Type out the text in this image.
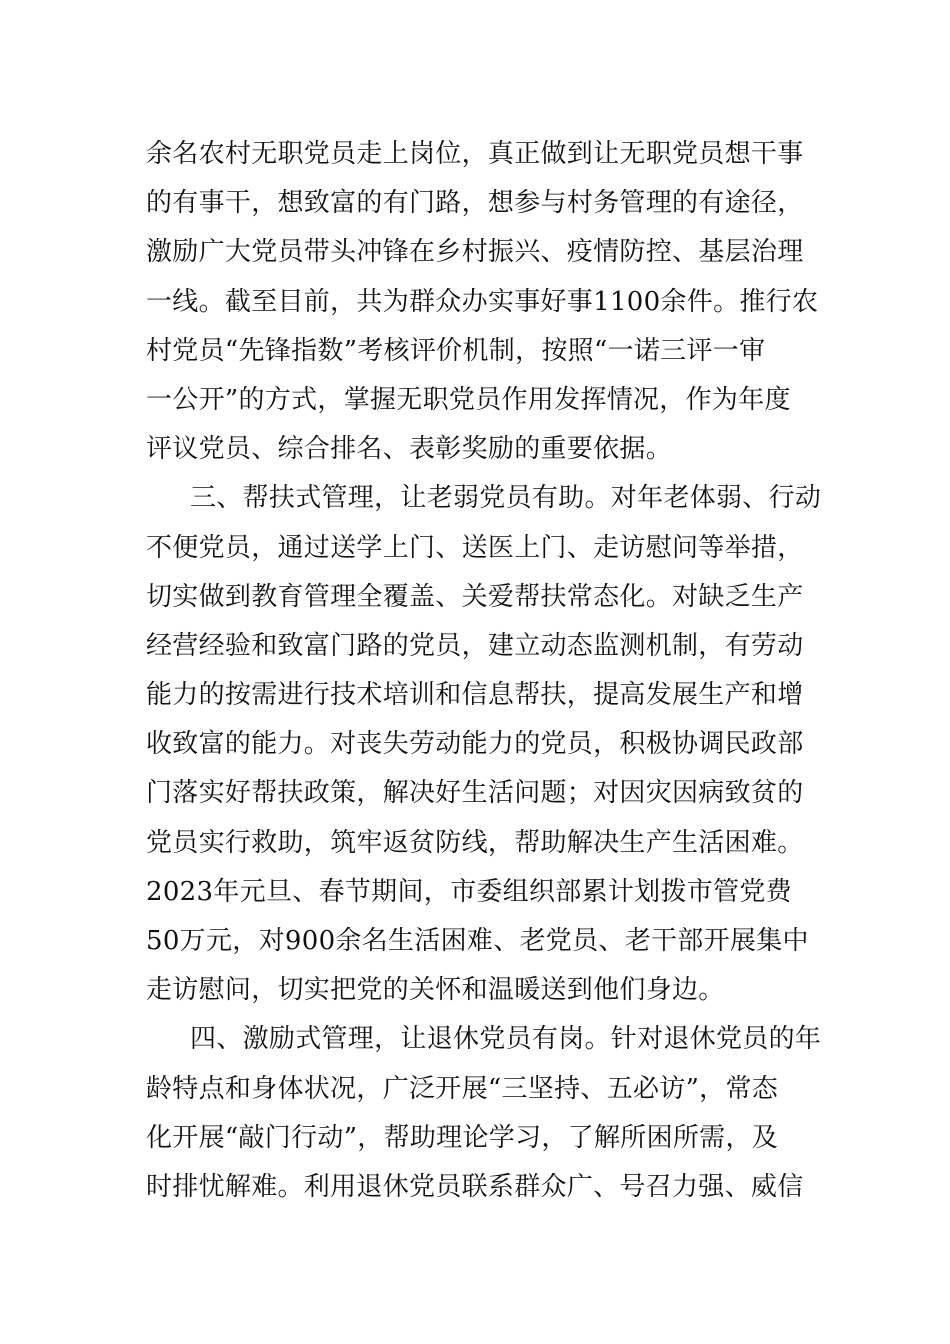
余名农村无职党员走上岗位，真正做到让无职党员想干事
的有事干，想致富的有门路，想参与村务管理的有途径，
激励广大党员带头冲锋在乡村振兴、疫情防控、基层治理
一线。截至目前，共为群众办实事好事1100余件。推行农
村党员“先锋指数”考核评价机制，按照“一诺三评一审
一公开”的方式，掌握无职党员作用发挥情况，作为年度
评议党员、综合排名、表彰奖励的重要依据。
三、帮扶式管理，让老弱党员有助。对年老体弱、行动
不便党员，通过送学上门、送医上门、走访慰问等举措，
切实做到教育管理全覆盖、关爱帮扶常态化。对缺乏生产
经营经验和致富门路的党员，建立动态监测机制，有劳动
能力的按需进行技术培训和信息帮扶，提高发展生产和增
收致富的能力。对丧失劳动能力的党员，积极协调民政部
门落实好帮扶政策，解决好生活问题；对因灾因病致贫的
党员实行救助，筑牢返贫防线，帮助解决生产生活困难。
2023年元旦、春节期间，市委组织部累计划拨市管党费
50万元，对900余名生活困难、老党员、老干部开展集中
走访慰问，切实把党的关怀和温暖送到他们身边。
四、激励式管理，让退休党员有岗。针对退休党员的年
龄特点和身体状况，广泛开展“三坚持、五必访”，常态
化开展“敲门行动”，帮助理论学习，了解所困所需，及
时排忧解难。利用退休党员联系群众广、号召力强、威信
